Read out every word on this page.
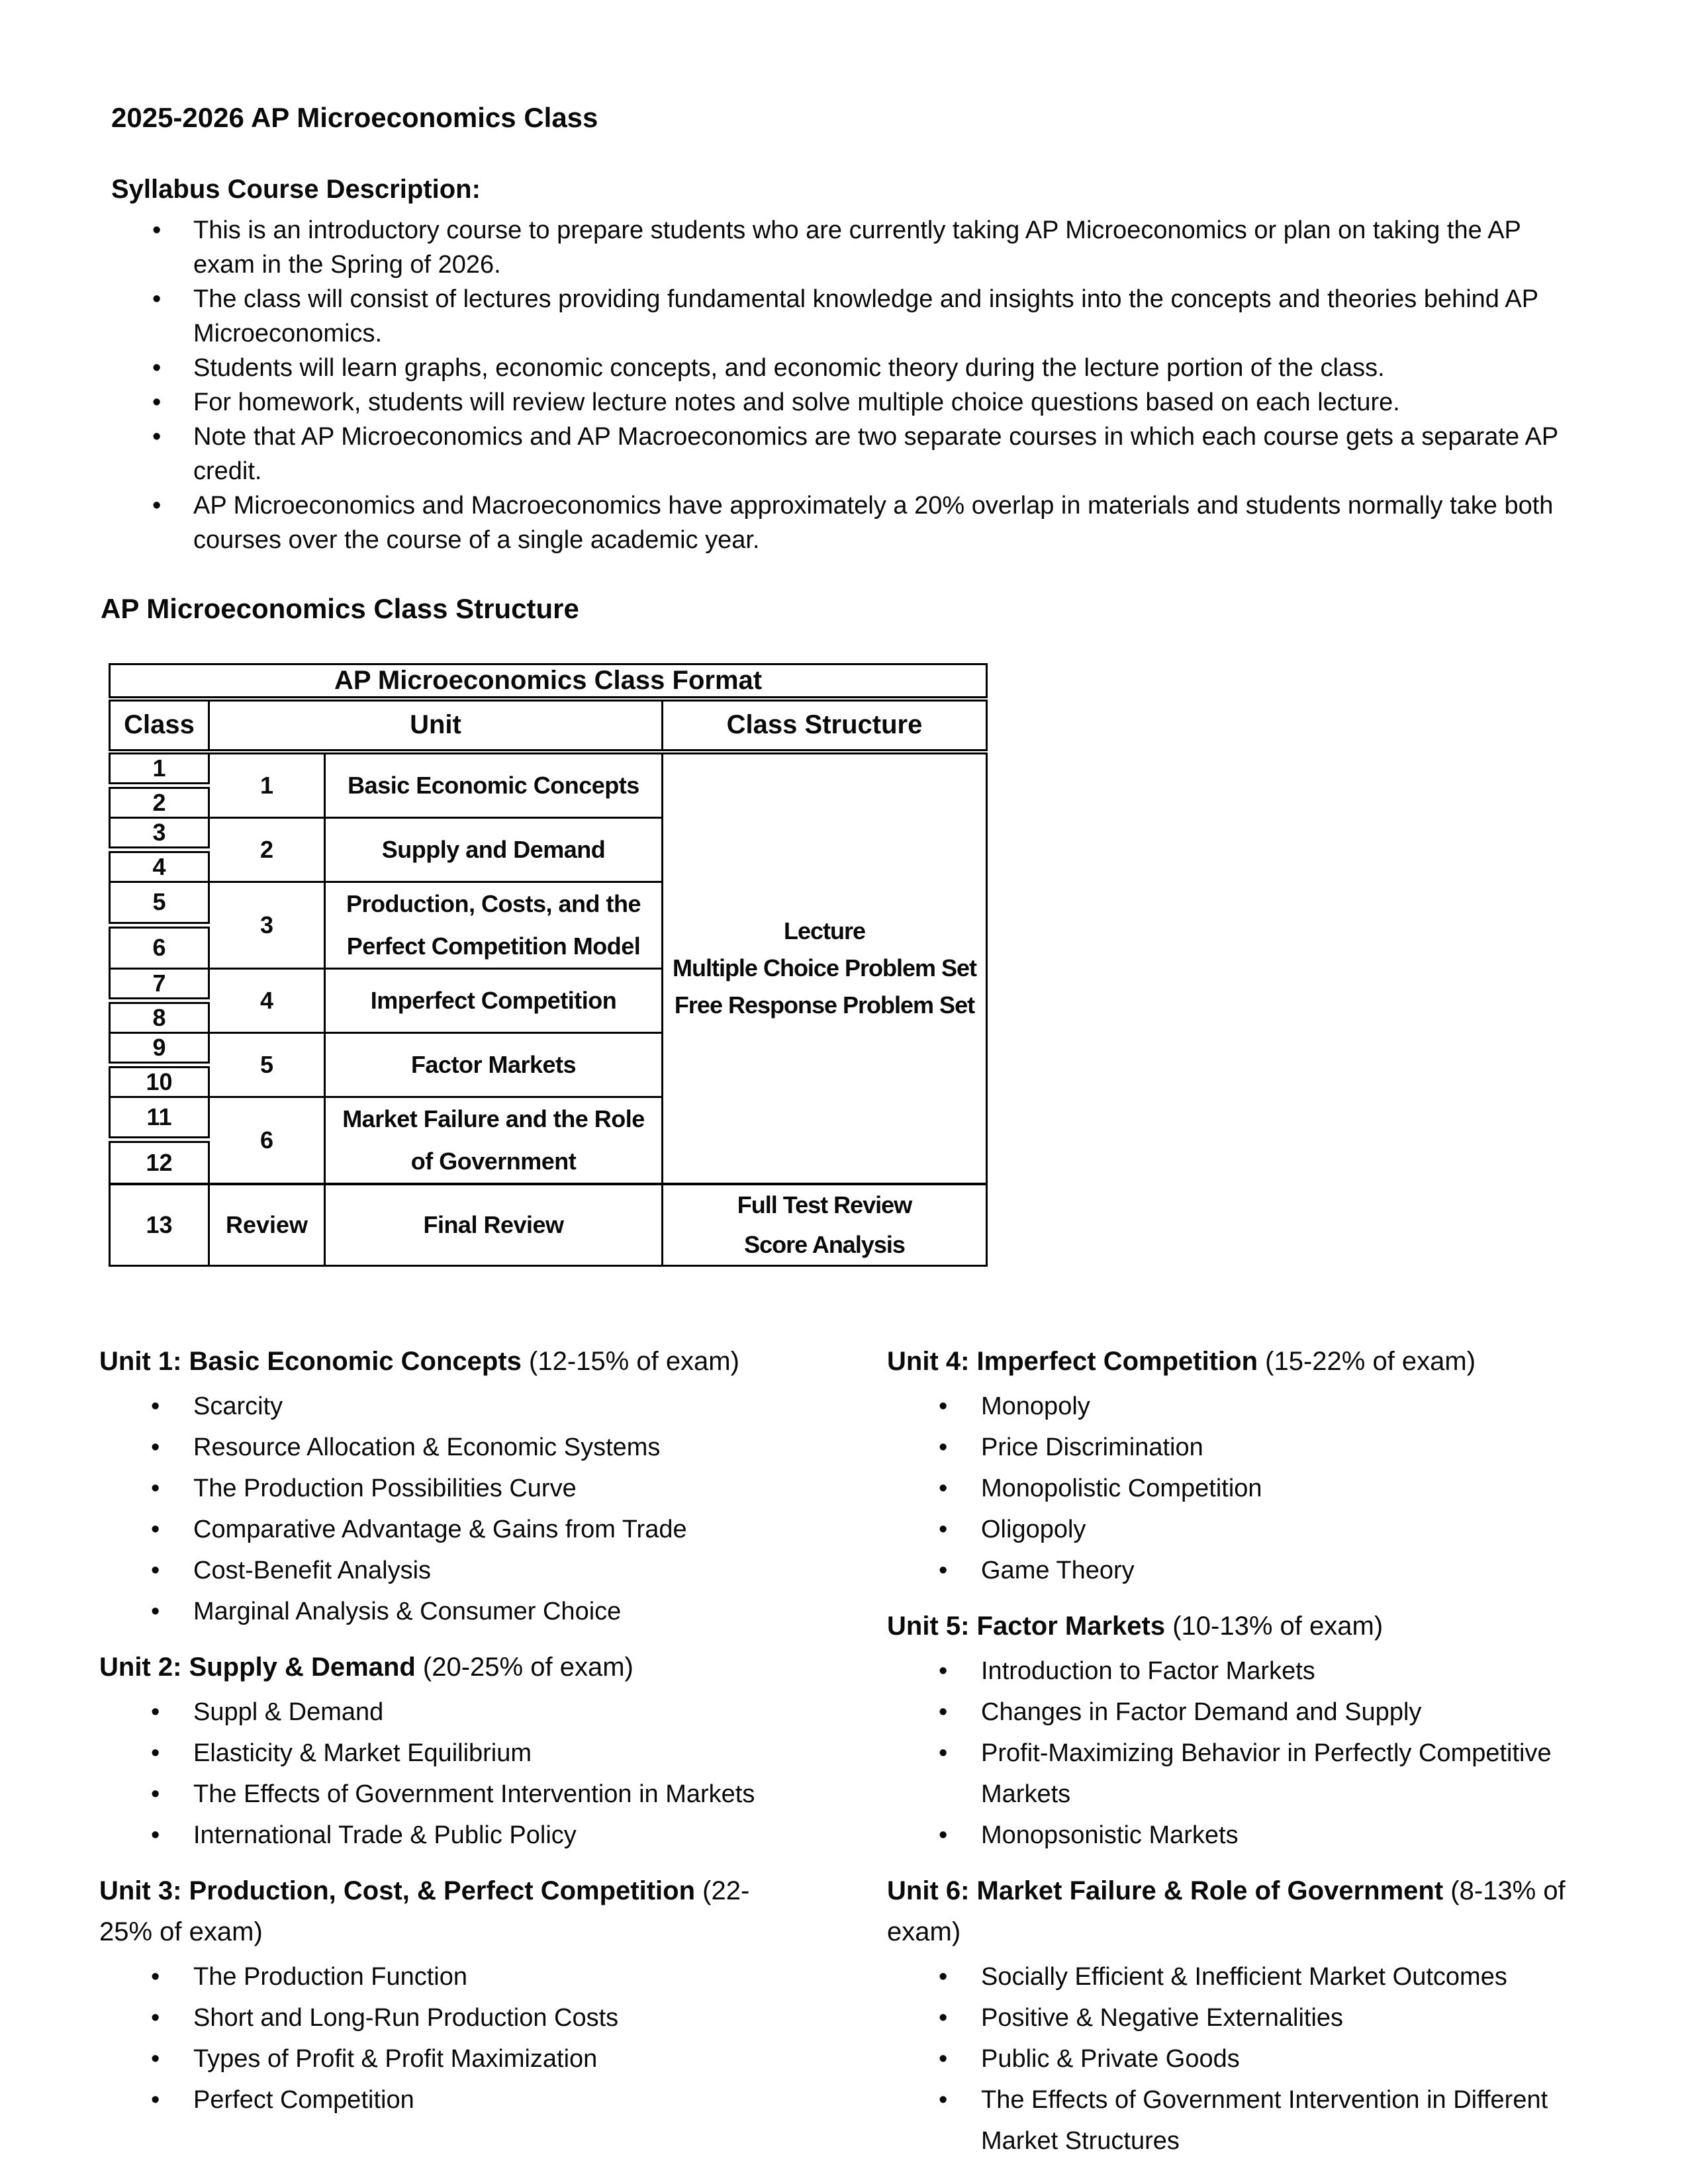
2025-2026 AP Microeconomics Class
Syllabus Course Description:
• This is an introductory course to prepare students who are currently taking AP Microeconomics or plan on taking the AP exam in the Spring of 2026.
• The class will consist of lectures providing fundamental knowledge and insights into the concepts and theories behind AP Microeconomics.
• Students will learn graphs, economic concepts, and economic theory during the lecture portion of the class.
• For homework, students will review lecture notes and solve multiple choice questions based on each lecture.
• Note that AP Microeconomics and AP Macroeconomics are two separate courses in which each course gets a separate AP credit.
• AP Microeconomics and Macroeconomics have approximately a 20% overlap in materials and students normally take both courses over the course of a single academic year.
AP Microeconomics Class Structure
AP Microeconomics Class Format			
Class	Unit		Class Structure
1	1	Basic Economic Concepts	Lecture
Multiple Choice Problem Set
Free Response Problem Set

2			
3	2	Supply and Demand	
4			
5	3	Production, Costs, and the Perfect Competition Model	
6			
7	4	Imperfect Competition	
8			
9	5	Factor Markets	
10			
11	6	Market Failure and the Role of Government	
12			
13	Review	Final Review	Full Test Review
Score Analysis
Unit 1: Basic Economic Concepts (12-15% of exam)
• Scarcity
• Resource Allocation & Economic Systems
• The Production Possibilities Curve
• Comparative Advantage & Gains from Trade
• Cost-Benefit Analysis
• Marginal Analysis & Consumer Choice
Unit 2: Supply & Demand (20-25% of exam)
• Suppl & Demand
• Elasticity & Market Equilibrium
• The Effects of Government Intervention in Markets
• International Trade & Public Policy
Unit 3: Production, Cost, & Perfect Competition (22-25% of exam)
• The Production Function
• Short and Long-Run Production Costs
• Types of Profit & Profit Maximization
• Perfect Competition
Unit 4: Imperfect Competition (15-22% of exam)
• Monopoly
• Price Discrimination
• Monopolistic Competition
• Oligopoly
• Game Theory
Unit 5: Factor Markets (10-13% of exam)
• Introduction to Factor Markets
• Changes in Factor Demand and Supply
• Profit-Maximizing Behavior in Perfectly Competitive Markets
• Monopsonistic Markets
Unit 6: Market Failure & Role of Government (8-13% of exam)
• Socially Efficient & Inefficient Market Outcomes
• Positive & Negative Externalities
• Public & Private Goods
• The Effects of Government Intervention in Different Market Structures
